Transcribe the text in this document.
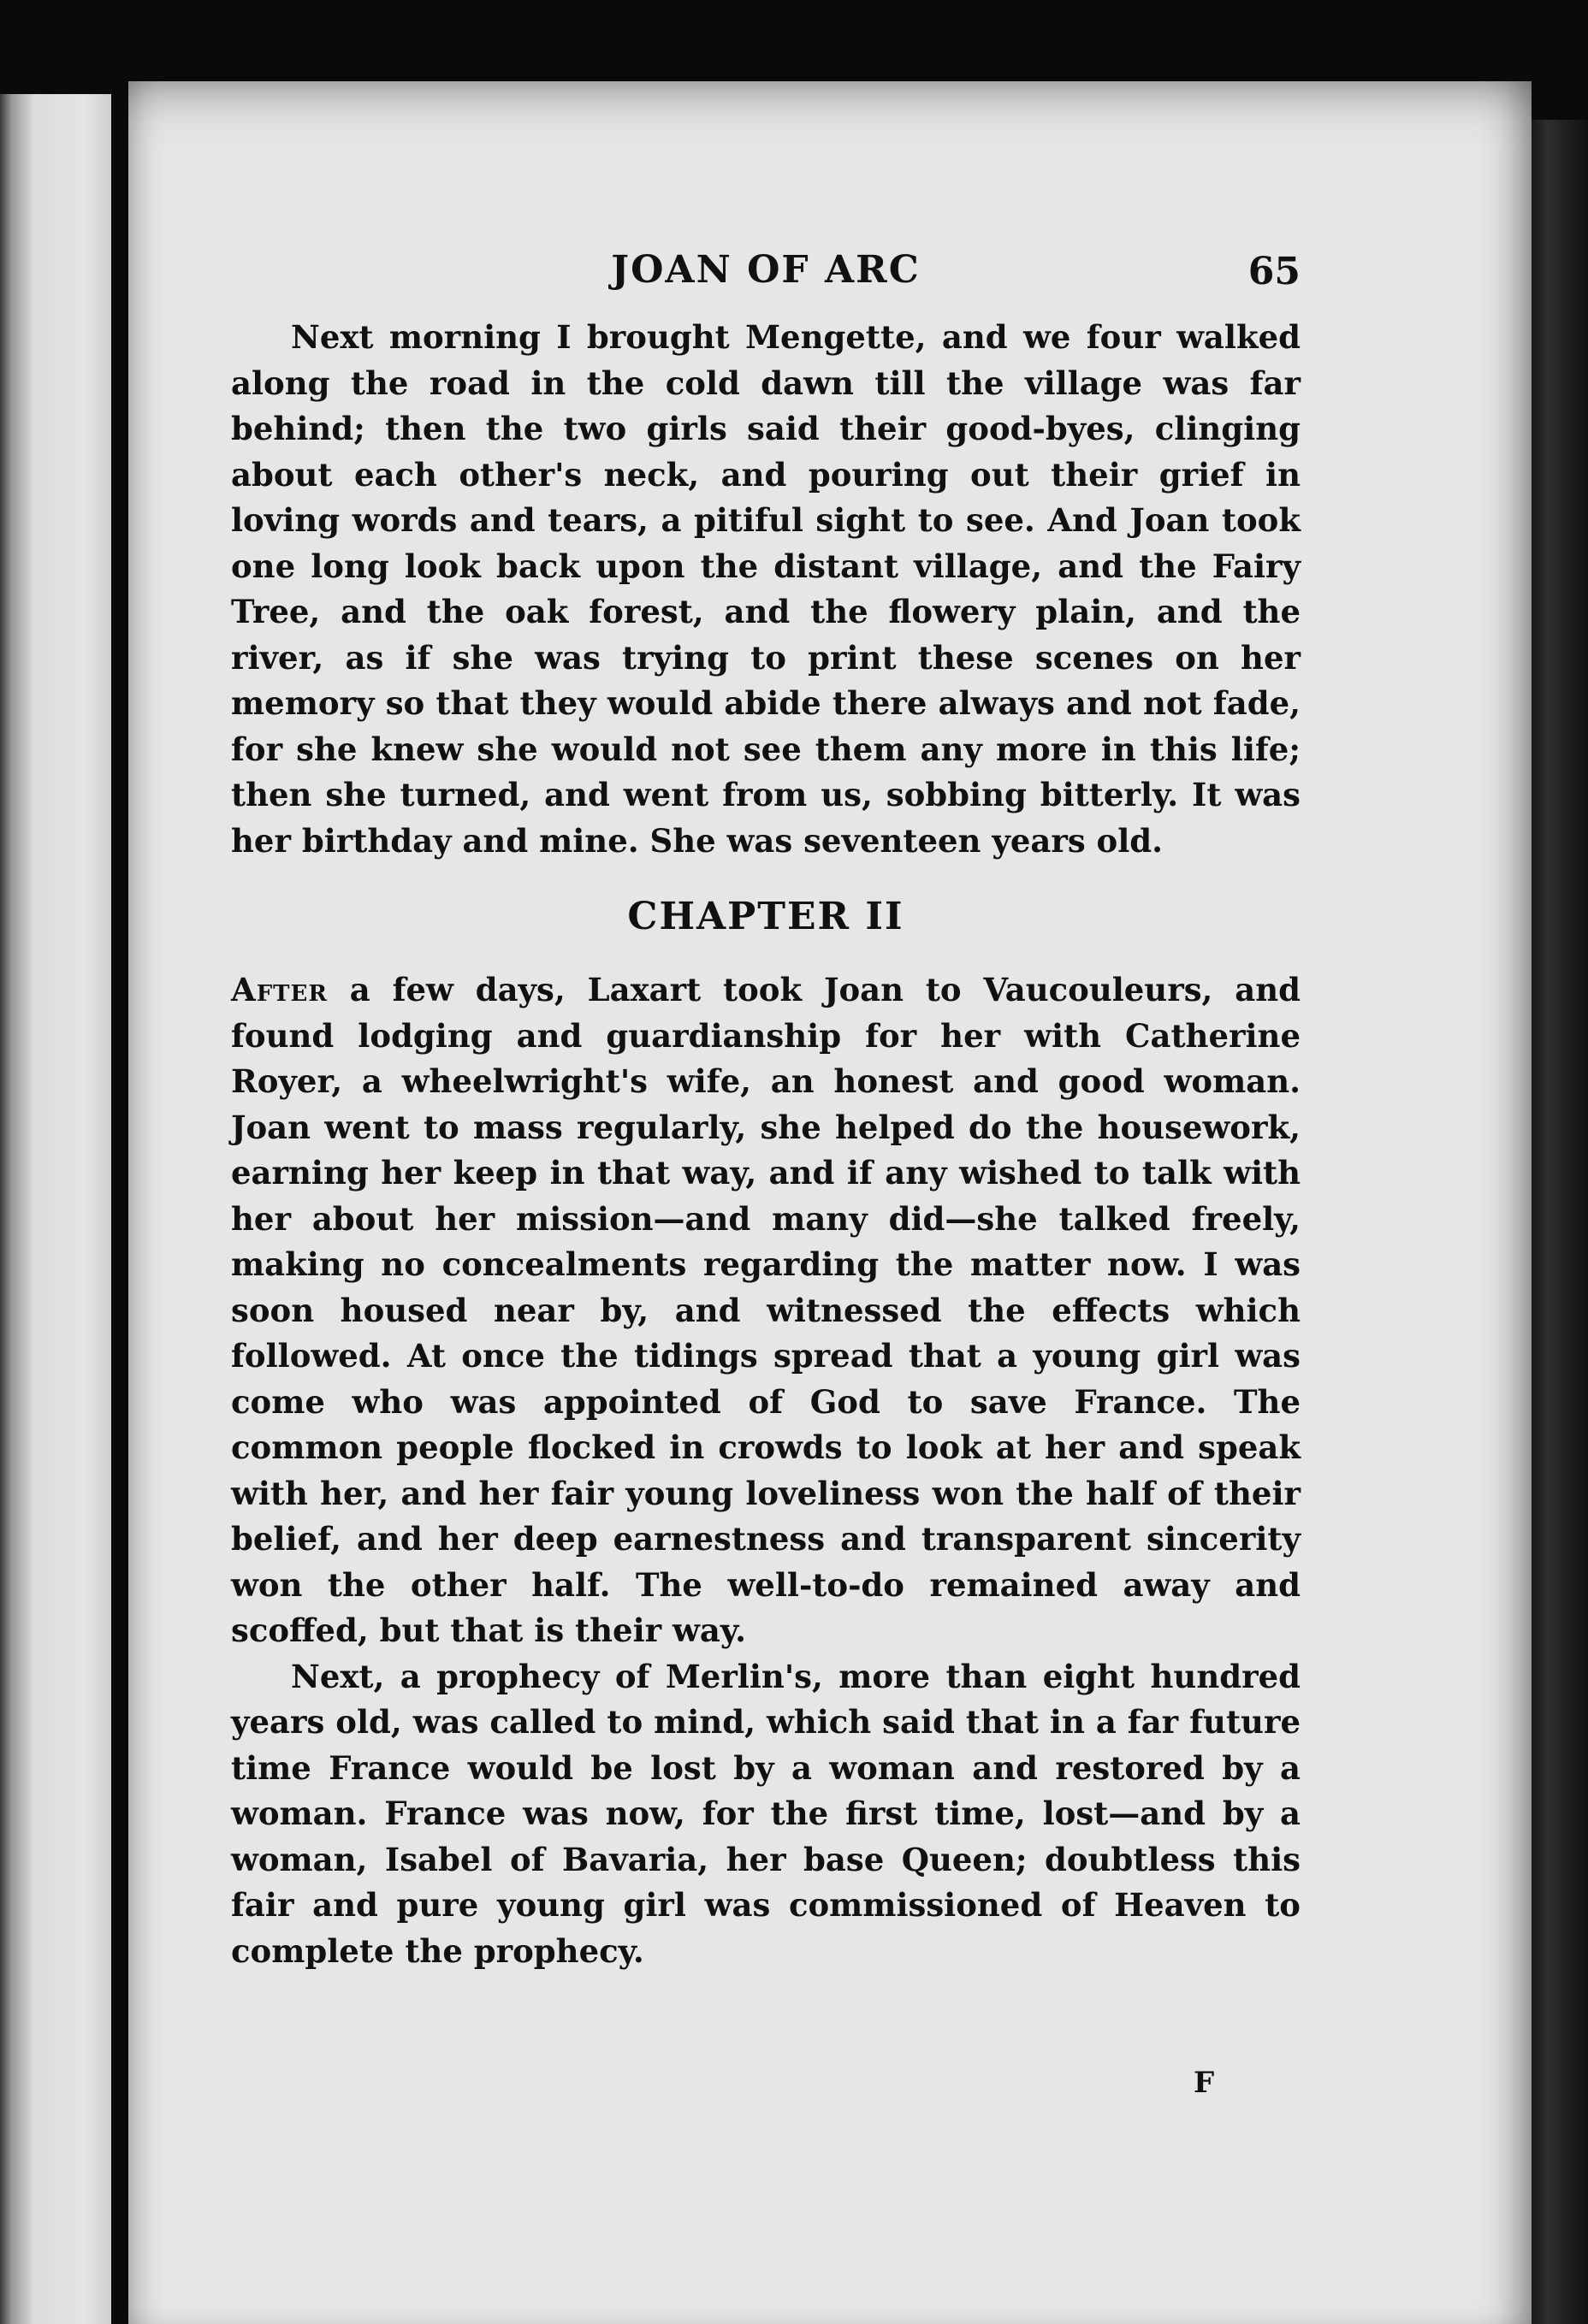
JOAN OF ARC	65

Next morning I brought Mengette, and we four walked along the road in the cold dawn till the village was far behind; then the two girls said their good-byes, clinging about each other's neck, and pouring out their grief in loving words and tears, a pitiful sight to see. And Joan took one long look back upon the distant village, and the Fairy Tree, and the oak forest, and the flowery plain, and the river, as if she was trying to print these scenes on her memory so that they would abide there always and not fade, for she knew she would not see them any more in this life; then she turned, and went from us, sobbing bitterly. It was her birthday and mine. She was seventeen years old.

CHAPTER II

After a few days, Laxart took Joan to Vaucouleurs, and found lodging and guardianship for her with Catherine Royer, a wheelwright's wife, an honest and good woman. Joan went to mass regularly, she helped do the housework, earning her keep in that way, and if any wished to talk with her about her mission—and many did—she talked freely, making no concealments regarding the matter now. I was soon housed near by, and witnessed the effects which followed. At once the tidings spread that a young girl was come who was appointed of God to save France. The common people flocked in crowds to look at her and speak with her, and her fair young loveliness won the half of their belief, and her deep earnestness and transparent sincerity won the other half. The well-to-do remained away and scoffed, but that is their way.

Next, a prophecy of Merlin's, more than eight hundred years old, was called to mind, which said that in a far future time France would be lost by a woman and restored by a woman. France was now, for the first time, lost—and by a woman, Isabel of Bavaria, her base Queen; doubtless this fair and pure young girl was commissioned of Heaven to complete the prophecy.

F
